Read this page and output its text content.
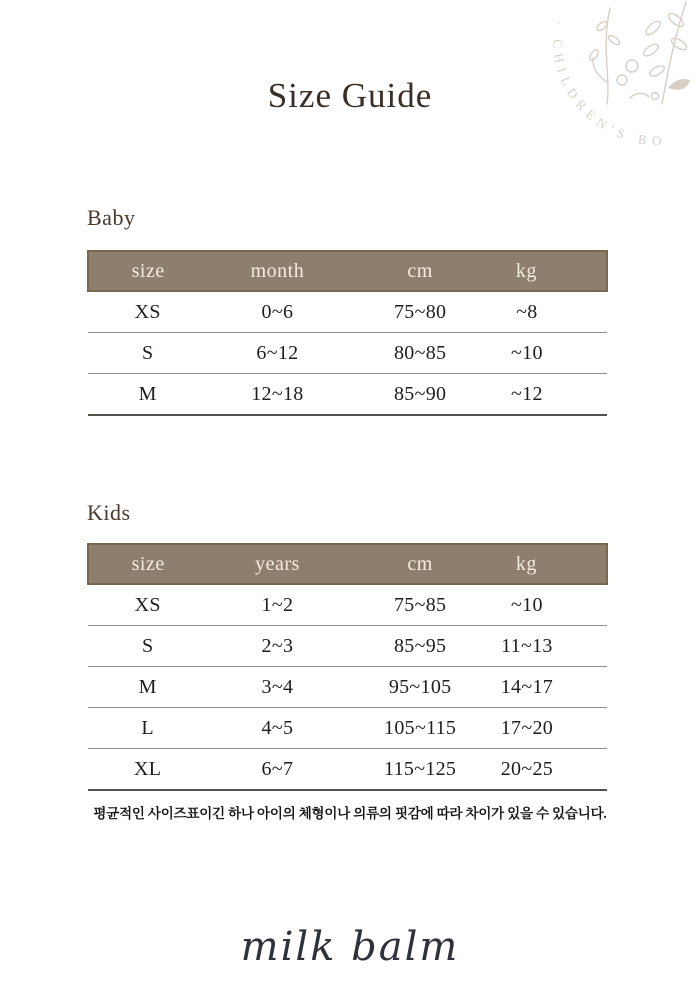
· CHILDREN'S BO
Size Guide
Baby
size	month	cm	kg
XS	0~6	75~80	~8
S	6~12	80~85	~10
M	12~18	85~90	~12
Kids
size	years	cm	kg
XS	1~2	75~85	~10
S	2~3	85~95	11~13
M	3~4	95~105	14~17
L	4~5	105~115	17~20
XL	6~7	115~125	20~25

평균적인 사이즈표이긴 하나 아이의 체형이나 의류의 핏감에 따라 차이가 있을 수 있습니다.

milk balm
